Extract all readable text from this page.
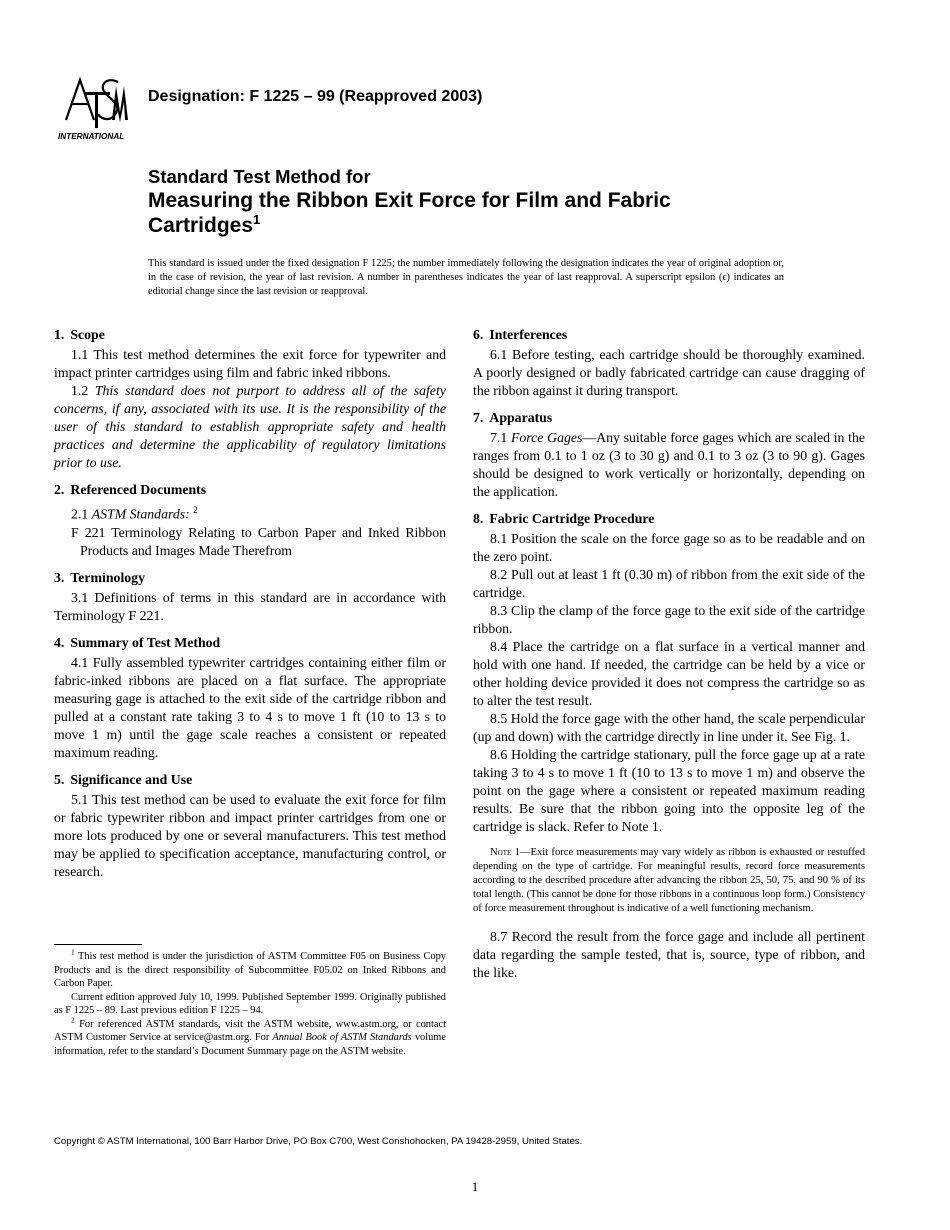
INTERNATIONAL
Designation: F 1225 – 99 (Reapproved 2003)
Standard Test Method for
Measuring the Ribbon Exit Force for Film and Fabric
Cartridges$^1$
This standard is issued under the fixed designation F 1225; the number immediately following the designation indicates the year of original adoption or, in the case of revision, the year of last revision. A number in parentheses indicates the year of last reapproval. A superscript epsilon (ϵ) indicates an editorial change since the last revision or reapproval.
1. Scope

1.1 This test method determines the exit force for typewriter and impact printer cartridges using film and fabric inked ribbons.

1.2 This standard does not purport to address all of the safety concerns, if any, associated with its use. It is the responsibility of the user of this standard to establish appropriate safety and health practices and determine the applicability of regulatory limitations prior to use.

2. Referenced Documents

2.1 ASTM Standards: $^2$

F 221 Terminology Relating to Carbon Paper and Inked Ribbon Products and Images Made Therefrom

3. Terminology

3.1 Definitions of terms in this standard are in accordance with Terminology F 221.

4. Summary of Test Method

4.1 Fully assembled typewriter cartridges containing either film or fabric-inked ribbons are placed on a flat surface. The appropriate measuring gage is attached to the exit side of the cartridge ribbon and pulled at a constant rate taking 3 to 4 s to move 1 ft (10 to 13 s to move 1 m) until the gage scale reaches a consistent or repeated maximum reading.

5. Significance and Use

5.1 This test method can be used to evaluate the exit force for film or fabric typewriter ribbon and impact printer cartridges from one or more lots produced by one or several manufacturers. This test method may be applied to specification acceptance, manufacturing control, or research.

6. Interferences

6.1 Before testing, each cartridge should be thoroughly examined. A poorly designed or badly fabricated cartridge can cause dragging of the ribbon against it during transport.

7. Apparatus

7.1 Force Gages—Any suitable force gages which are scaled in the ranges from 0.1 to 1 oz (3 to 30 g) and 0.1 to 3 oz (3 to 90 g). Gages should be designed to work vertically or horizontally, depending on the application.

8. Fabric Cartridge Procedure

8.1 Position the scale on the force gage so as to be readable and on the zero point.

8.2 Pull out at least 1 ft (0.30 m) of ribbon from the exit side of the cartridge.

8.3 Clip the clamp of the force gage to the exit side of the cartridge ribbon.

8.4 Place the cartridge on a flat surface in a vertical manner and hold with one hand. If needed, the cartridge can be held by a vice or other holding device provided it does not compress the cartridge so as to alter the test result.

8.5 Hold the force gage with the other hand, the scale perpendicular (up and down) with the cartridge directly in line under it. See Fig. 1.

8.6 Holding the cartridge stationary, pull the force gage up at a rate taking 3 to 4 s to move 1 ft (10 to 13 s to move 1 m) and observe the point on the gage where a consistent or repeated maximum reading results. Be sure that the ribbon going into the opposite leg of the cartridge is slack. Refer to Note 1.

Note 1—Exit force measurements may vary widely as ribbon is exhausted or restuffed depending on the type of cartridge. For meaningful results, record force measurements according to the described procedure after advancing the ribbon 25, 50, 75, and 90 % of its total length. (This cannot be done for those ribbons in a continuous loop form.) Consistency of force measurement throughout is indicative of a well functioning mechanism.

8.7 Record the result from the force gage and include all pertinent data regarding the sample tested, that is, source, type of ribbon, and the like.

$^1$ This test method is under the jurisdiction of ASTM Committee F05 on Business Copy Products and is the direct responsibility of Subcommittee F05.02 on Inked Ribbons and Carbon Paper.

Current edition approved July 10, 1999. Published September 1999. Originally published as F 1225 – 89. Last previous edition F 1225 – 94.

$^2$ For referenced ASTM standards, visit the ASTM website, www.astm.org, or contact ASTM Customer Service at service@astm.org. For Annual Book of ASTM Standards volume information, refer to the standard’s Document Summary page on the ASTM website.

Copyright © ASTM International, 100 Barr Harbor Drive, PO Box C700, West Conshohocken, PA 19428-2959, United States.
1
